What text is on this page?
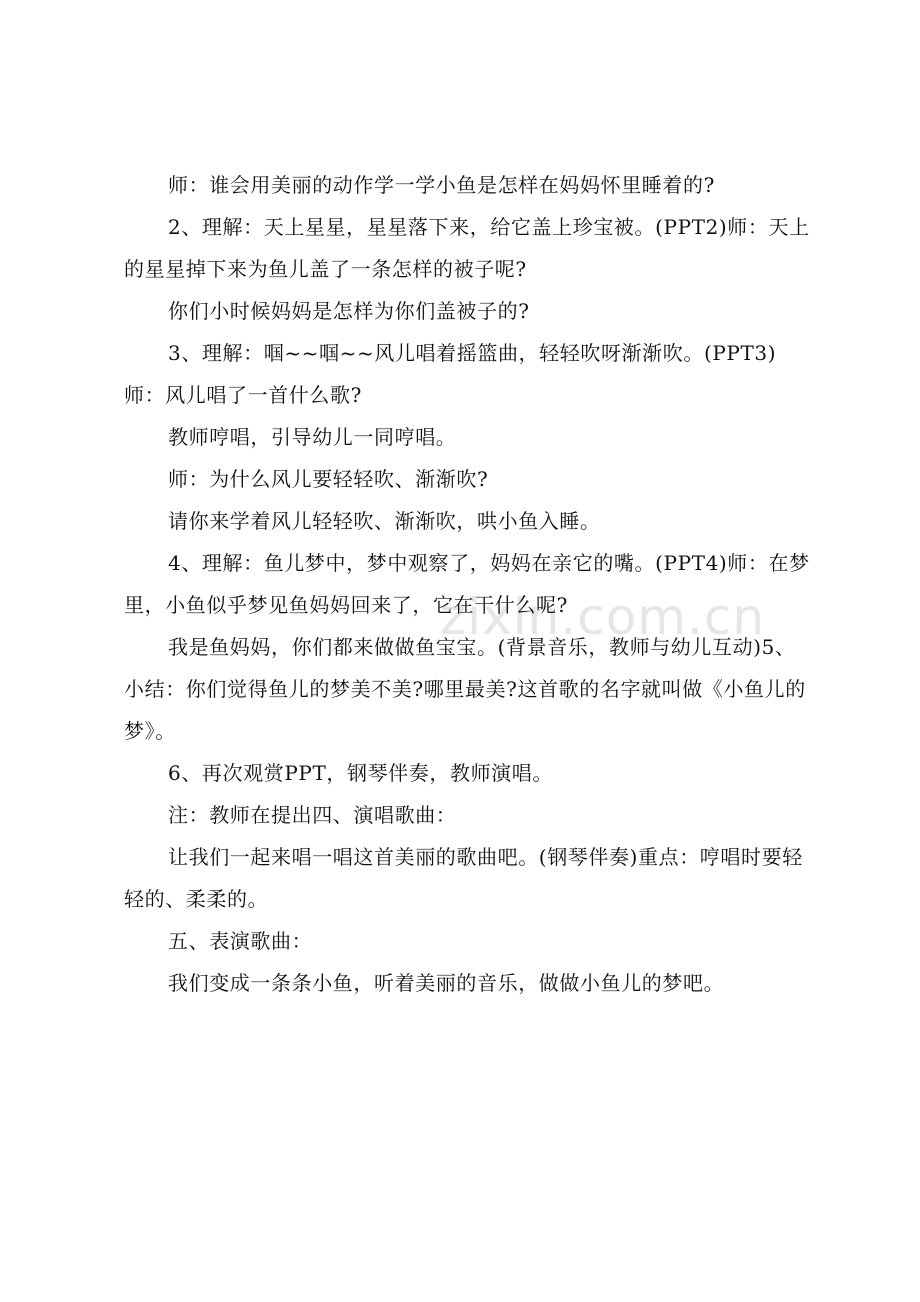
zixin.com.cn

师：谁会用美丽的动作学一学小鱼是怎样在妈妈怀里睡着的?

2、理解：天上星星，星星落下来，给它盖上珍宝被。(PPT2)师：天上的星星掉下来为鱼儿盖了一条怎样的被子呢?

你们小时候妈妈是怎样为你们盖被子的?

3、理解：啯~~啯~~风儿唱着摇篮曲，轻轻吹呀渐渐吹。(PPT3)师：风儿唱了一首什么歌?

教师哼唱，引导幼儿一同哼唱。

师：为什么风儿要轻轻吹、渐渐吹?

请你来学着风儿轻轻吹、渐渐吹，哄小鱼入睡。

4、理解：鱼儿梦中，梦中观察了，妈妈在亲它的嘴。(PPT4)师：在梦里，小鱼似乎梦见鱼妈妈回来了，它在干什么呢?

我是鱼妈妈，你们都来做做鱼宝宝。(背景音乐，教师与幼儿互动)5、小结：你们觉得鱼儿的梦美不美?哪里最美?这首歌的名字就叫做《小鱼儿的梦》。

6、再次观赏PPT，钢琴伴奏，教师演唱。

注：教师在提出四、演唱歌曲：

让我们一起来唱一唱这首美丽的歌曲吧。(钢琴伴奏)重点：哼唱时要轻轻的、柔柔的。

五、表演歌曲：

我们变成一条条小鱼，听着美丽的音乐，做做小鱼儿的梦吧。
